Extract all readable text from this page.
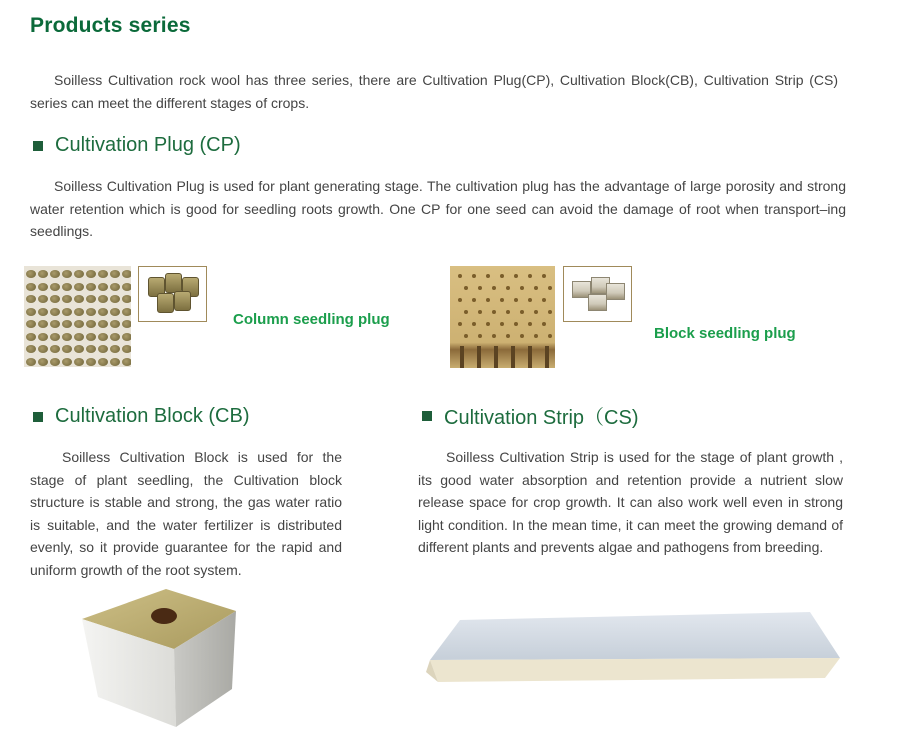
Products series

Soilless Cultivation rock wool has three series, there are Cultivation Plug(CP), Cultivation Block(CB), Cultivation Strip (CS) series can meet the different stages of crops.

Cultivation Plug (CP)

Soilless Cultivation Plug is used for plant generating stage. The cultivation plug has the advantage of large porosity and strong water retention which is good for seedling roots growth. One CP for one seed can avoid the damage of root when transport–ing seedlings.

Column seedling plug
Block seedling plug
Cultivation Block (CB)

Soilless Cultivation Block is used for the stage of plant seedling, the Cultivation block structure is stable and strong, the gas water ratio is suitable, and the water fertilizer is distributed evenly, so it provide guarantee for the rapid and uniform growth of the root system.

Cultivation Strip（CS)

Soilless Cultivation Strip is used for the stage of plant growth , its good water absorption and retention provide a nutrient slow release space for crop growth. It can also work well even in strong light condition. In the mean time, it can meet the growing demand of different plants and prevents algae and pathogens from breeding.
